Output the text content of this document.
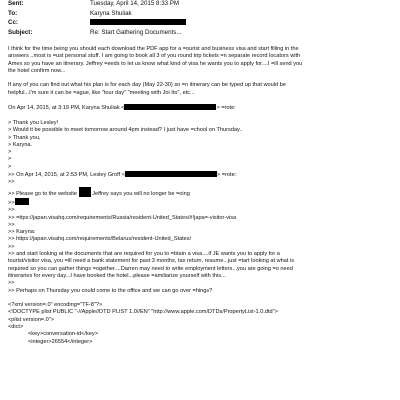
Sent:	Tuesday, April 14, 2015 8:33 PM
To:	Karyna Shuliak
Cc:
Subject:	Re: Start Gathering Documents...
I think for the time being you should each download the PDF app for a =ourist and business visa and start filling in the
answers ..most is =ust personal stuff. I am going to book all 3 of you round trip tickets =n separate record locators with
Amex so you have an itinerary. Jeffrey =eeds to let us know what kind of visa he wants you to apply for....I =ill send you
the hotel confirm now...
If any of you can find out what his plan is for each day (May 22-30) so =n itinerary can be typed up that would be
helpful...I'm sure it can be =ague, like "tour day" "meeting with Joi Ito", etc...
On Apr 14, 2015, at 3:19 PM, Karyna Shuliak <	> =rote:
> Thank you Lesley!
> Would it be possible to meet tomorrow around 4pm instead? I just have =chool on Thursday..
> Thank you,
> Karyna.
>
>
>
>> On Apr 14, 2015, at 2:53 PM, Lesley Groff <	> =rote:
>>
>> Please go to the website	Jeffrey says you will no longer be =oing
>>
>>
>> =ttps://japan.visahq.com/requirements/Russia/resident-United_States/#!japa=-visitor-visa
>>
>> Karyna:
>> https://japan.visahq.com/requirements/Belarus/resident-United_States/
>>
>> and start looking at the documents that are required for you to =btain a visa....if JE wants you to apply for a
tourist/visitor visa, you =ill need a bank statement for past 3 months, tax return, resume...just =tart looking at what is
required so you can gather things =ogether....Darren may need to write employment letters...you are going =o need
itineraries for every day...I have booked the hotel...please =amiliarize yourself with this...
>>
>> Perhaps on Thursday you could come to the office and we can go over =hings?
<?xml version=.0" encoding="TF-8"?>
<!DOCTYPE plist PUBLIC "-//Apple//DTD PLIST 1.0//EN" "http://www.apple.com/DTDs/PropertyList-1.0.dtd">
<plist version=.0">
<dict>
<key>conversation-id</key>
<integer>26554</integer>
